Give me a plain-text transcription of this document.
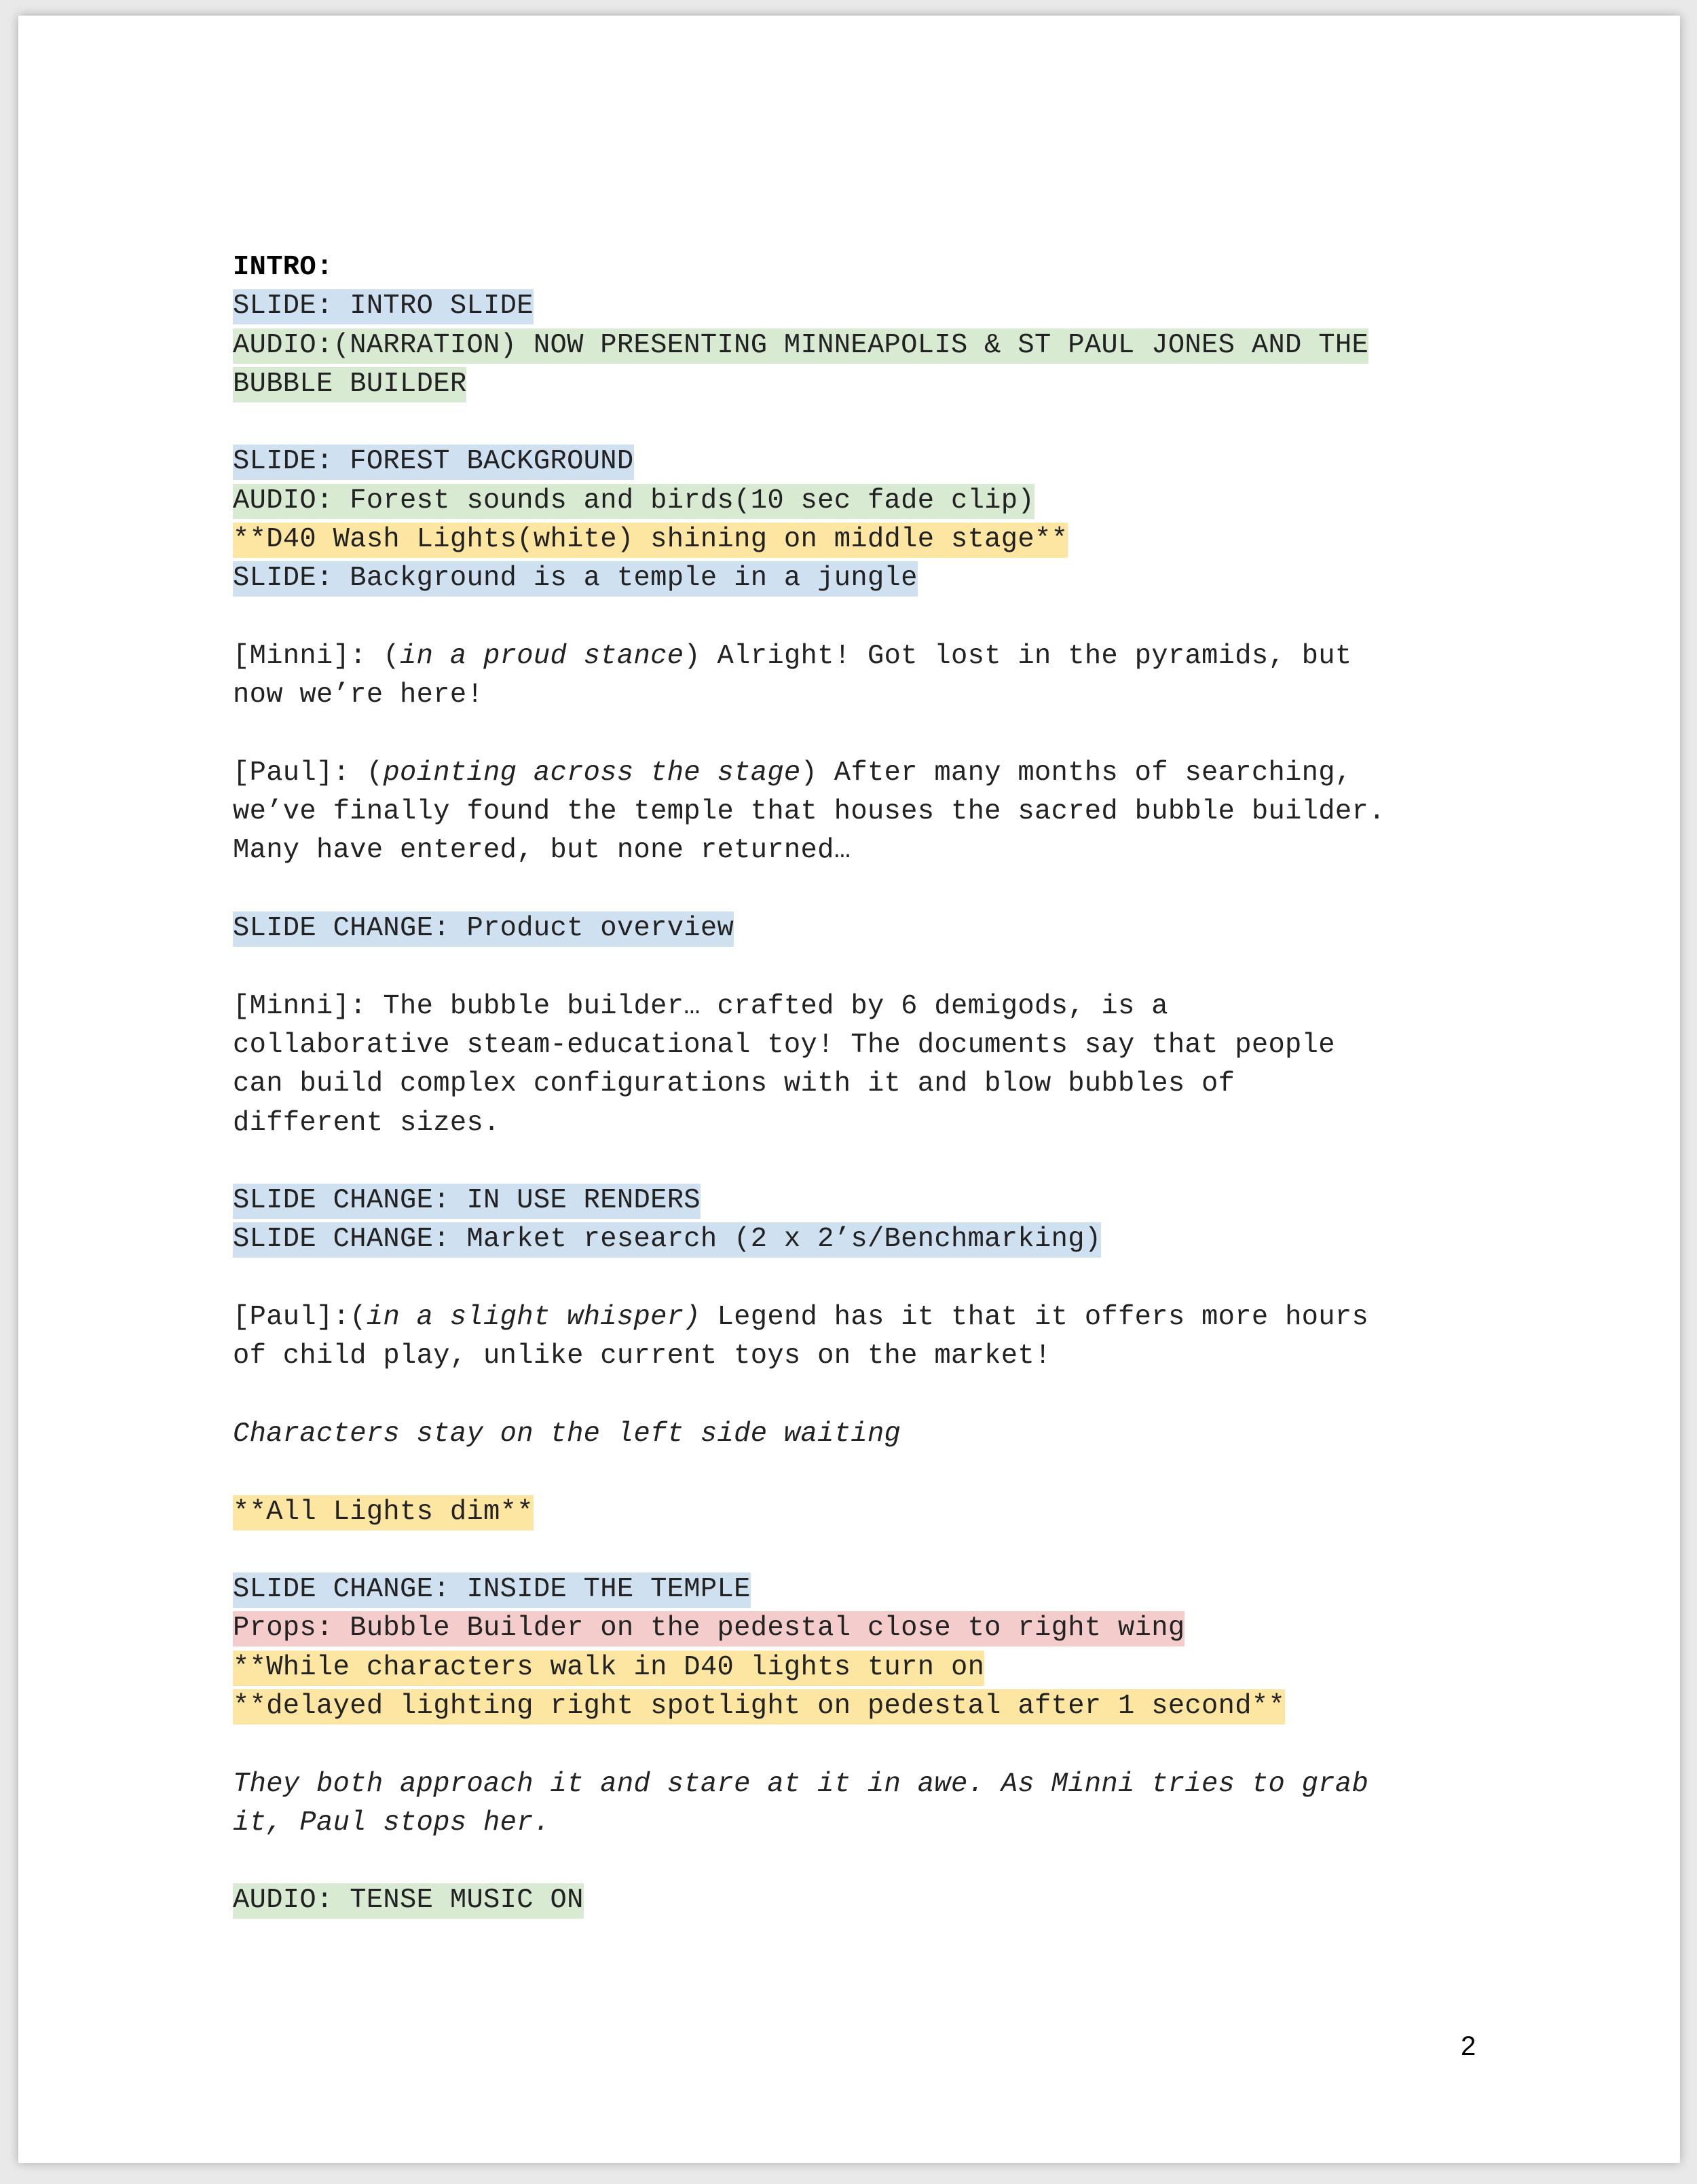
INTRO:
SLIDE: INTRO SLIDE
AUDIO:(NARRATION) NOW PRESENTING MINNEAPOLIS & ST PAUL JONES AND THE
BUBBLE BUILDER
SLIDE: FOREST BACKGROUND
AUDIO: Forest sounds and birds(10 sec fade clip)
**D40 Wash Lights(white) shining on middle stage**
SLIDE: Background is a temple in a jungle
[Minni]: (in a proud stance) Alright! Got lost in the pyramids, but
now we’re here!
[Paul]: (pointing across the stage) After many months of searching,
we’ve finally found the temple that houses the sacred bubble builder.
Many have entered, but none returned…
SLIDE CHANGE: Product overview
[Minni]: The bubble builder… crafted by 6 demigods, is a
collaborative steam-educational toy! The documents say that people
can build complex configurations with it and blow bubbles of
different sizes.
SLIDE CHANGE: IN USE RENDERS
SLIDE CHANGE: Market research (2 x 2’s/Benchmarking)
[Paul]:(in a slight whisper) Legend has it that it offers more hours
of child play, unlike current toys on the market!
Characters stay on the left side waiting
**All Lights dim**
SLIDE CHANGE: INSIDE THE TEMPLE
Props: Bubble Builder on the pedestal close to right wing
**While characters walk in D40 lights turn on
**delayed lighting right spotlight on pedestal after 1 second**
They both approach it and stare at it in awe. As Minni tries to grab
it, Paul stops her.
AUDIO: TENSE MUSIC ON
2
